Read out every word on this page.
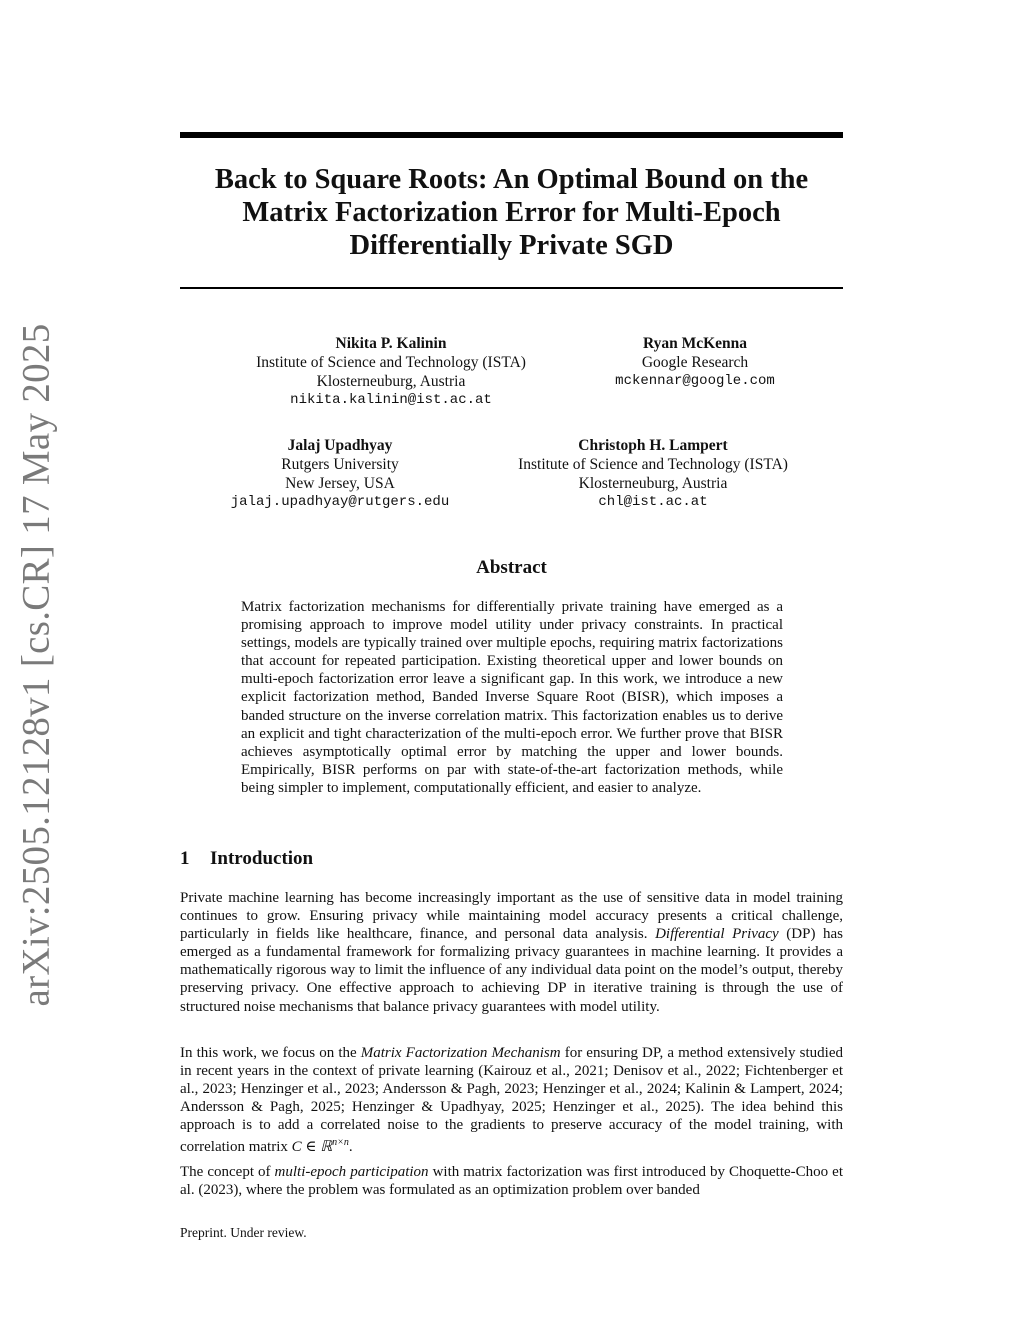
arXiv:2505.12128v1 [cs.CR] 17 May 2025
Back to Square Roots: An Optimal Bound on the
Matrix Factorization Error for Multi-Epoch
Differentially Private SGD
Nikita P. Kalinin
Institute of Science and Technology (ISTA)
Klosterneuburg, Austria
nikita.kalinin@ist.ac.at
Ryan McKenna
Google Research
mckennar@google.com
Jalaj Upadhyay
Rutgers University
New Jersey, USA
jalaj.upadhyay@rutgers.edu
Christoph H. Lampert
Institute of Science and Technology (ISTA)
Klosterneuburg, Austria
chl@ist.ac.at
Abstract
Matrix factorization mechanisms for differentially private training have emerged as a promising approach to improve model utility under privacy constraints. In practical settings, models are typically trained over multiple epochs, requiring matrix factorizations that account for repeated participation. Existing theoretical upper and lower bounds on multi-epoch factorization error leave a significant gap. In this work, we introduce a new explicit factorization method, Banded Inverse Square Root (BISR), which imposes a banded structure on the inverse correlation matrix. This factorization enables us to derive an explicit and tight characterization of the multi-epoch error. We further prove that BISR achieves asymptotically optimal error by matching the upper and lower bounds. Empirically, BISR performs on par with state-of-the-art factorization methods, while being simpler to implement, computationally efficient, and easier to analyze.
1 Introduction

Private machine learning has become increasingly important as the use of sensitive data in model training continues to grow. Ensuring privacy while maintaining model accuracy presents a critical challenge, particularly in fields like healthcare, finance, and personal data analysis. Differential Privacy (DP) has emerged as a fundamental framework for formalizing privacy guarantees in machine learning. It provides a mathematically rigorous way to limit the influence of any individual data point on the model’s output, thereby preserving privacy. One effective approach to achieving DP in iterative training is through the use of structured noise mechanisms that balance privacy guarantees with model utility.

In this work, we focus on the Matrix Factorization Mechanism for ensuring DP, a method extensively studied in recent years in the context of private learning (Kairouz et al., 2021; Denisov et al., 2022; Fichtenberger et al., 2023; Henzinger et al., 2023; Andersson & Pagh, 2023; Henzinger et al., 2024; Kalinin & Lampert, 2024; Andersson & Pagh, 2025; Henzinger & Upadhyay, 2025; Henzinger et al., 2025). The idea behind this approach is to add a correlated noise to the gradients to preserve accuracy of the model training, with correlation matrix C ∈ ℝ$^{n\times n}$.

The concept of multi-epoch participation with matrix factorization was first introduced by Choquette-Choo et al. (2023), where the problem was formulated as an optimization problem over banded

Preprint. Under review.
